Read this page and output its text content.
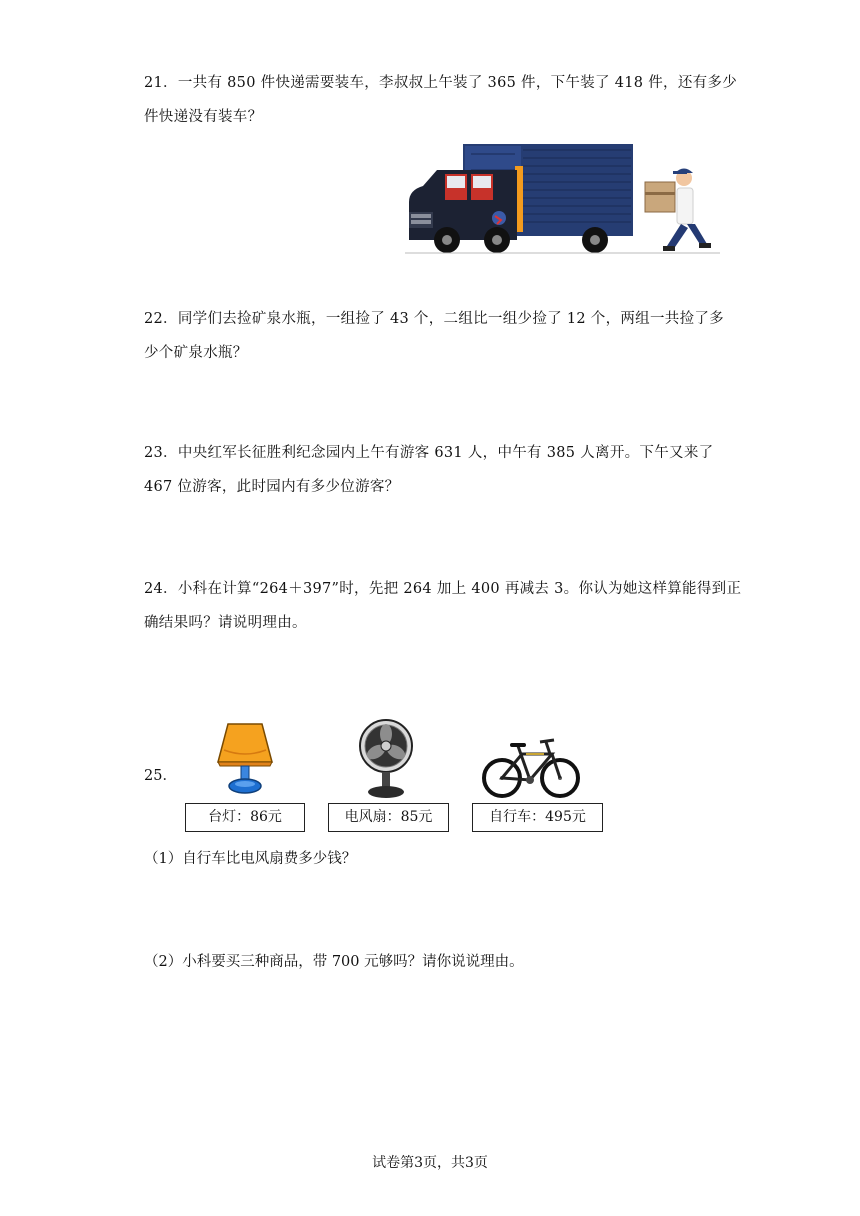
21．一共有 850 件快递需要装车，李叔叔上午装了 365 件，下午装了 418 件，还有多少
件快递没有装车？
22．同学们去捡矿泉水瓶，一组捡了 43 个，二组比一组少捡了 12 个，两组一共捡了多
少个矿泉水瓶？
23．中央红军长征胜利纪念园内上午有游客 631 人，中午有 385 人离开。下午又来了
467 位游客，此时园内有多少位游客？
24．小科在计算“264＋397”时，先把 264 加上 400 再减去 3。你认为她这样算能得到正
确结果吗？请说明理由。
25．
台灯：86元	电风扇：85元	自行车：495元
（1）自行车比电风扇费多少钱？
（2）小科要买三种商品，带 700 元够吗？请你说说理由。
试卷第3页，共3页
